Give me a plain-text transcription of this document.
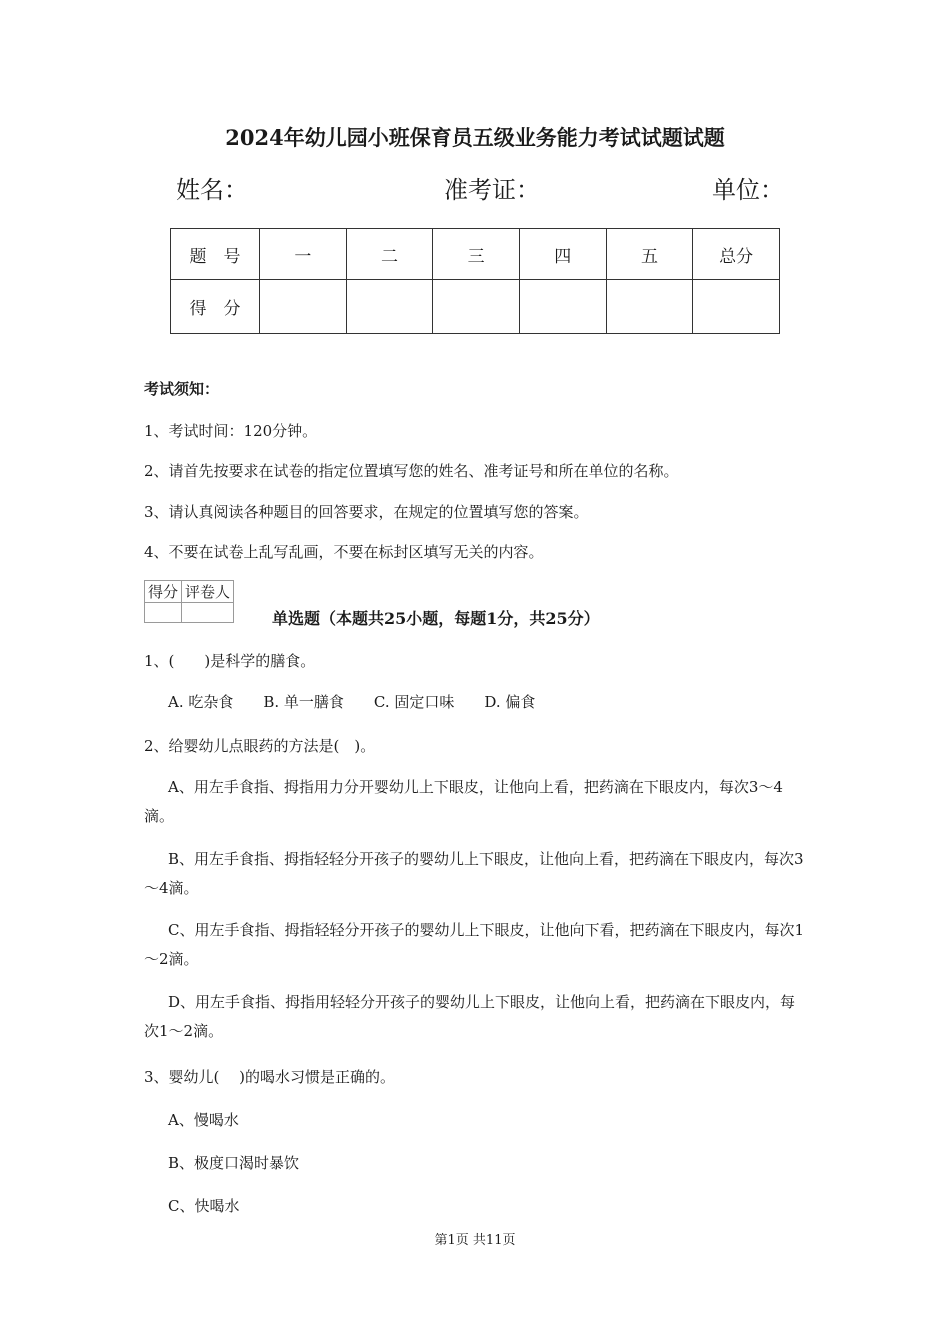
2024年幼儿园小班保育员五级业务能力考试试题试题
姓名：	准考证：	单位：
题　号	一	二	三	四	五	总分
得　分						
考试须知：
1、考试时间：120分钟。
2、请首先按要求在试卷的指定位置填写您的姓名、准考证号和所在单位的名称。
3、请认真阅读各种题目的回答要求，在规定的位置填写您的答案。
4、不要在试卷上乱写乱画，不要在标封区填写无关的内容。
得分	评卷人

单选题（本题共25小题，每题1分，共25分）
1、(　　)是科学的膳食。
A. 吃杂食　　B. 单一膳食　　C. 固定口味　　D. 偏食
2、给婴幼儿点眼药的方法是(　)。
A、用左手食指、拇指用力分开婴幼儿上下眼皮，让他向上看，把药滴在下眼皮内，每次3～4滴。
B、用左手食指、拇指轻轻分开孩子的婴幼儿上下眼皮，让他向上看，把药滴在下眼皮内，每次3～4滴。
C、用左手食指、拇指轻轻分开孩子的婴幼儿上下眼皮，让他向下看，把药滴在下眼皮内，每次1～2滴。
D、用左手食指、拇指用轻轻分开孩子的婴幼儿上下眼皮，让他向上看，把药滴在下眼皮内，每次1～2滴。
3、婴幼儿(　 )的喝水习惯是正确的。
A、慢喝水
B、极度口渴时暴饮
C、快喝水
第1页 共11页
